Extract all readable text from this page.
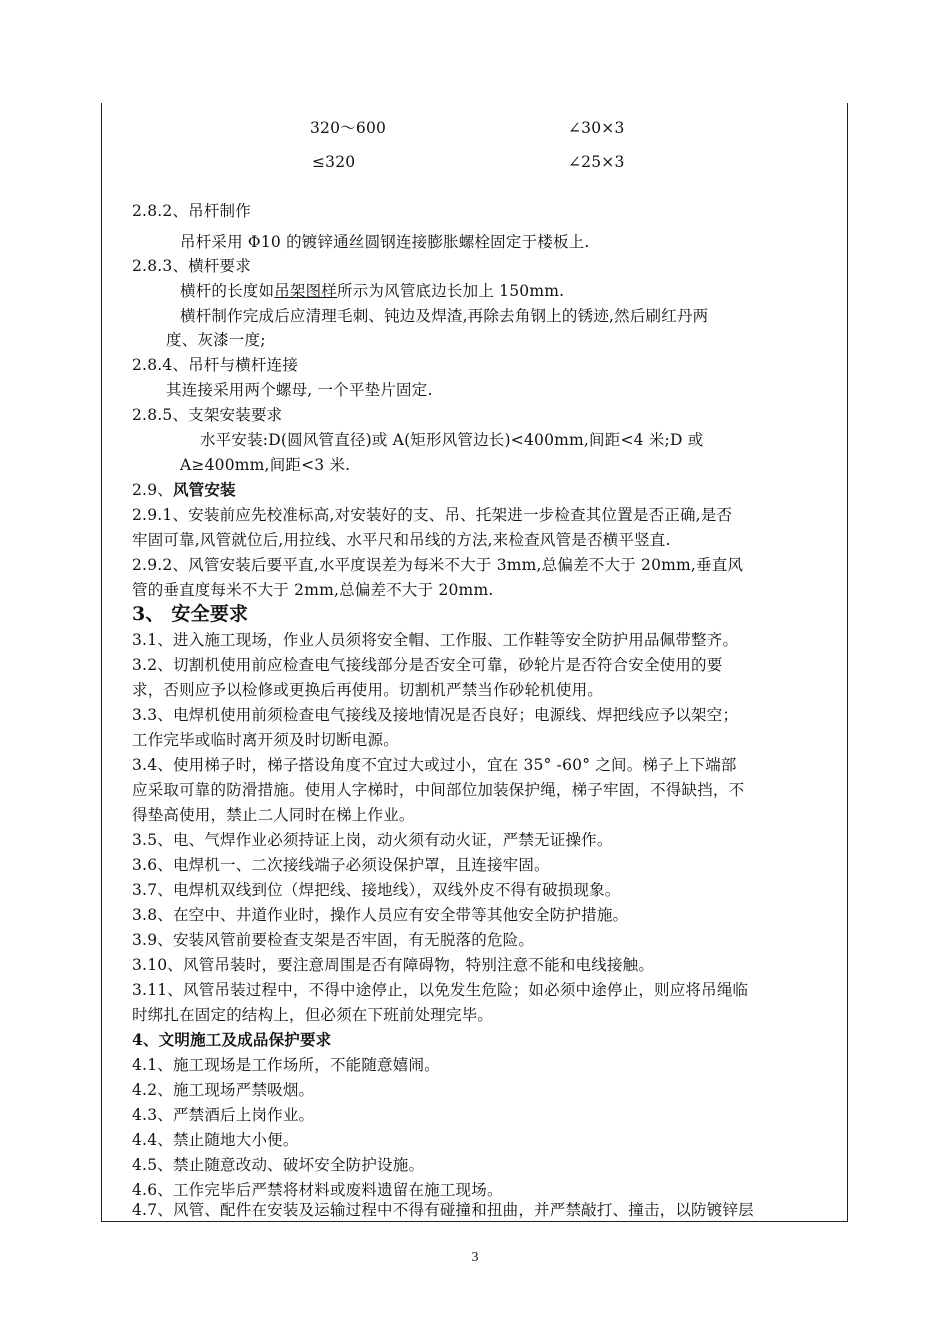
320～600	∠30×3
≤320	∠25×3
2.8.2、吊杆制作
吊杆采用 Φ10 的镀锌通丝圆钢连接膨胀螺栓固定于楼板上.
2.8.3、横杆要求
横杆的长度如吊架图样所示为风管底边长加上 150mm.
横杆制作完成后应清理毛刺、钝边及焊渣,再除去角钢上的锈迹,然后刷红丹两
度、灰漆一度;
2.8.4、吊杆与横杆连接
其连接采用两个螺母, 一个平垫片固定.
2.8.5、支架安装要求
水平安装:D(圆风管直径)或 A(矩形风管边长)<400mm,间距<4 米;D 或
A≥400mm,间距<3 米.
2.9、风管安装
2.9.1、安装前应先校准标高,对安装好的支、吊、托架进一步检查其位置是否正确,是否
牢固可靠,风管就位后,用拉线、水平尺和吊线的方法,来检查风管是否横平竖直.
2.9.2、风管安装后要平直,水平度误差为每米不大于 3mm,总偏差不大于 20mm,垂直风
管的垂直度每米不大于 2mm,总偏差不大于 20mm.
3、 安全要求
3.1、进入施工现场，作业人员须将安全帽、工作服、工作鞋等安全防护用品佩带整齐。
3.2、切割机使用前应检查电气接线部分是否安全可靠，砂轮片是否符合安全使用的要
求，否则应予以检修或更换后再使用。切割机严禁当作砂轮机使用。
3.3、电焊机使用前须检查电气接线及接地情况是否良好；电源线、焊把线应予以架空；
工作完毕或临时离开须及时切断电源。
3.4、使用梯子时，梯子搭设角度不宜过大或过小，宜在 35° -60° 之间。梯子上下端部
应采取可靠的防滑措施。使用人字梯时，中间部位加装保护绳，梯子牢固，不得缺挡，不
得垫高使用，禁止二人同时在梯上作业。
3.5、电、气焊作业必须持证上岗，动火须有动火证，严禁无证操作。
3.6、电焊机一、二次接线端子必须设保护罩，且连接牢固。
3.7、电焊机双线到位（焊把线、接地线），双线外皮不得有破损现象。
3.8、在空中、井道作业时，操作人员应有安全带等其他安全防护措施。
3.9、安装风管前要检查支架是否牢固，有无脱落的危险。
3.10、风管吊装时，要注意周围是否有障碍物，特别注意不能和电线接触。
3.11、风管吊装过程中，不得中途停止，以免发生危险；如必须中途停止，则应将吊绳临
时绑扎在固定的结构上，但必须在下班前处理完毕。
4、文明施工及成品保护要求
4.1、施工现场是工作场所，不能随意嬉闹。
4.2、施工现场严禁吸烟。
4.3、严禁酒后上岗作业。
4.4、禁止随地大小便。
4.5、禁止随意改动、破坏安全防护设施。
4.6、工作完毕后严禁将材料或废料遗留在施工现场。
4.7、风管、配件在安装及运输过程中不得有碰撞和扭曲，并严禁敲打、撞击，以防镀锌层
3
